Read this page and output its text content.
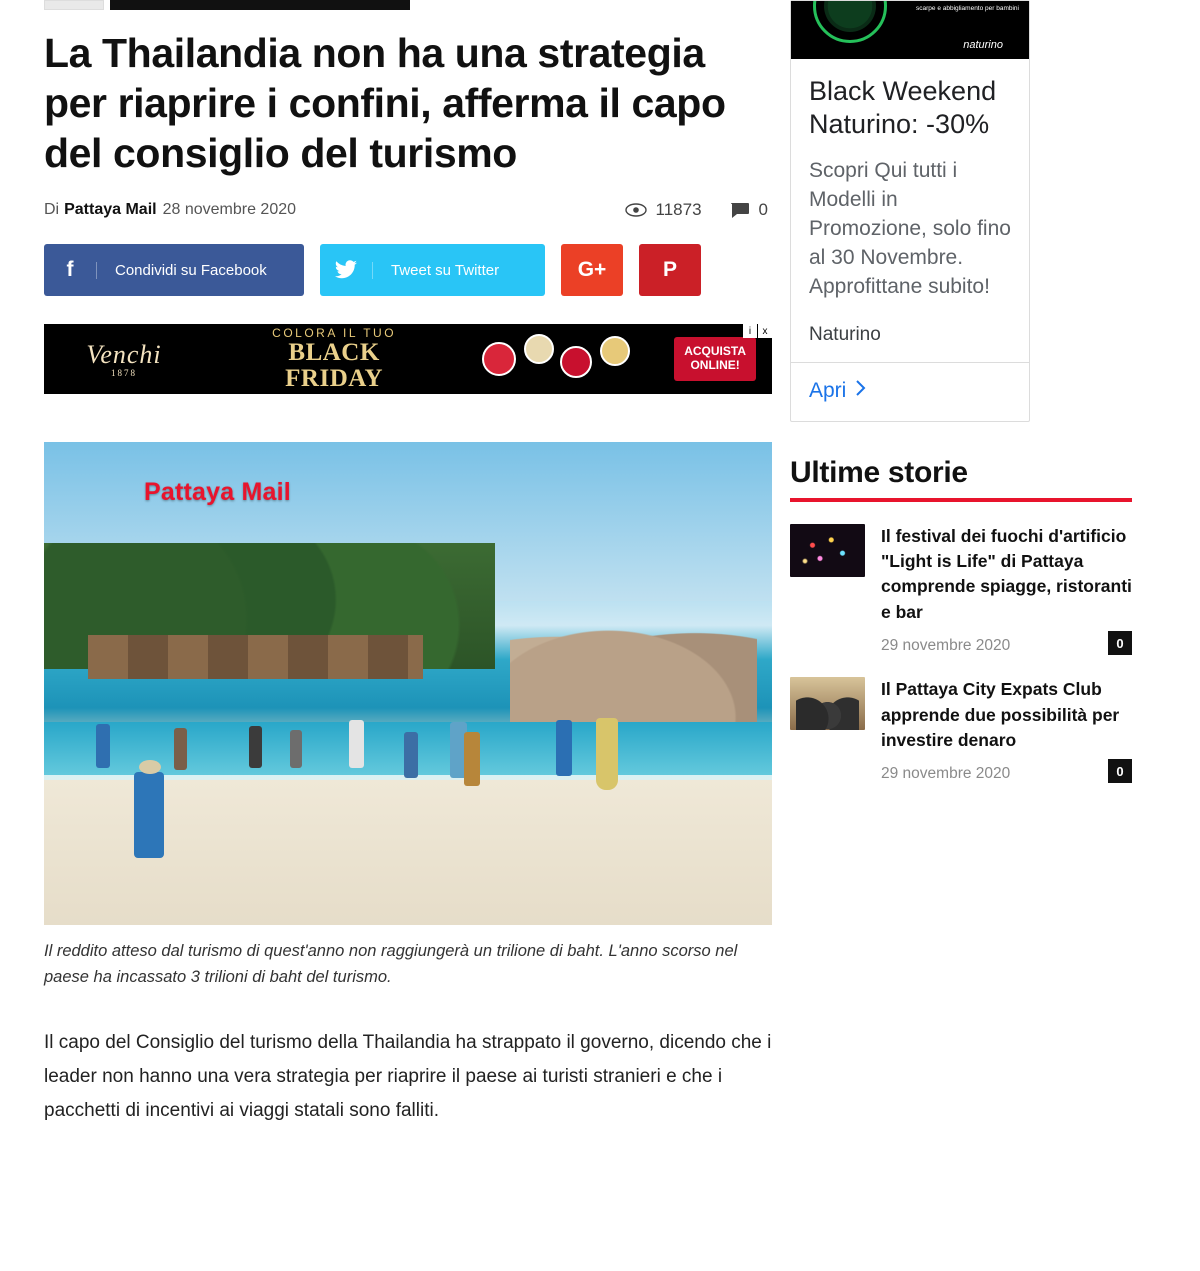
La Thailandia non ha una strategia per riaprire i confini, afferma il capo del consiglio del turismo
Di Pattaya Mail 28 novembre 2020	11873	0
f	Condividi su Facebook	Tweet su Twitter	G+	P
Venchi
1878
COLORA IL TUO
BLACK
FRIDAY
ACQUISTA
ONLINE!
i	x
Pattaya Mail
Il reddito atteso dal turismo di quest'anno non raggiungerà un trilione di baht. L'anno scorso nel paese ha incassato 3 trilioni di baht del turismo.

Il capo del Consiglio del turismo della Thailandia ha strappato il governo, dicendo che i leader non hanno una vera strategia per riaprire il paese ai turisti stranieri e che i pacchetti di incentivi ai viaggi statali sono falliti.

scarpe e abbigliamento per bambini
naturino
Black Weekend Naturino: -30%
Scopri Qui tutti i Modelli in Promozione, solo fino al 30 Novembre. Approfittane subito!
Naturino
Apri
Ultime storie
Il festival dei fuochi d'artificio "Light is Life" di Pattaya comprende spiagge, ristoranti e bar
29 novembre 2020	0
Il Pattaya City Expats Club apprende due possibilità per investire denaro
29 novembre 2020	0
